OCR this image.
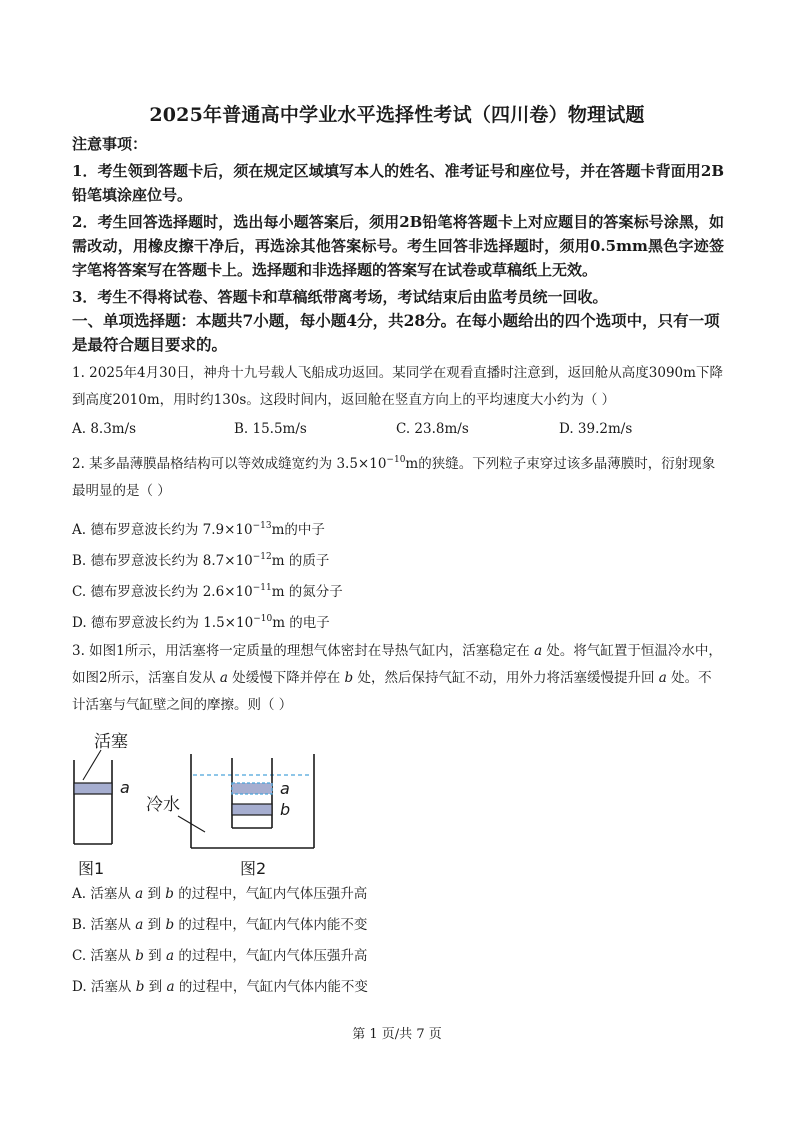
2025年普通高中学业水平选择性考试（四川卷）物理试题
注意事项：
1．考生领到答题卡后，须在规定区域填写本人的姓名、准考证号和座位号，并在答题卡背面用2B铅笔填涂座位号。
2．考生回答选择题时，选出每小题答案后，须用2B铅笔将答题卡上对应题目的答案标号涂黑，如需改动，用橡皮擦干净后，再选涂其他答案标号。考生回答非选择题时，须用0.5mm黑色字迹签字笔将答案写在答题卡上。选择题和非选择题的答案写在试卷或草稿纸上无效。
3．考生不得将试卷、答题卡和草稿纸带离考场，考试结束后由监考员统一回收。
一、单项选择题：本题共7小题，每小题4分，共28分。在每小题给出的四个选项中，只有一项是最符合题目要求的。
1. 2025年4月30日，神舟十九号载人飞船成功返回。某同学在观看直播时注意到，返回舱从高度3090m下降到高度2010m，用时约130s。这段时间内，返回舱在竖直方向上的平均速度大小约为（ ）
A. 8.3m/s	B. 15.5m/s	C. 23.8m/s	D. 39.2m/s
2. 某多晶薄膜晶格结构可以等效成缝宽约为 $3.5\times 10^{-10}m$的狭缝。下列粒子束穿过该多晶薄膜时，衍射现象最明显的是（ ）
A. 德布罗意波长约为 $7.9\times 10^{-13}m$的中子
B. 德布罗意波长约为 $8.7\times 10^{-12}m$ 的质子
C. 德布罗意波长约为 $2.6\times 10^{-11}m$ 的氮分子
D. 德布罗意波长约为 $1.5\times 10^{-10}m$ 的电子
3. 如图1所示，用活塞将一定质量的理想气体密封在导热气缸内，活塞稳定在 a 处。将气缸置于恒温冷水中，如图2所示，活塞自发从 a 处缓慢下降并停在 b 处，然后保持气缸不动，用外力将活塞缓慢提升回 a 处。不计活塞与气缸壁之间的摩擦。则（ ）
活塞
a
图1
a
b
冷水
图2
A. 活塞从 a 到 b 的过程中，气缸内气体压强升高
B. 活塞从 a 到 b 的过程中，气缸内气体内能不变
C. 活塞从 b 到 a 的过程中，气缸内气体压强升高
D. 活塞从 b 到 a 的过程中，气缸内气体内能不变
第 1 页/共 7 页
